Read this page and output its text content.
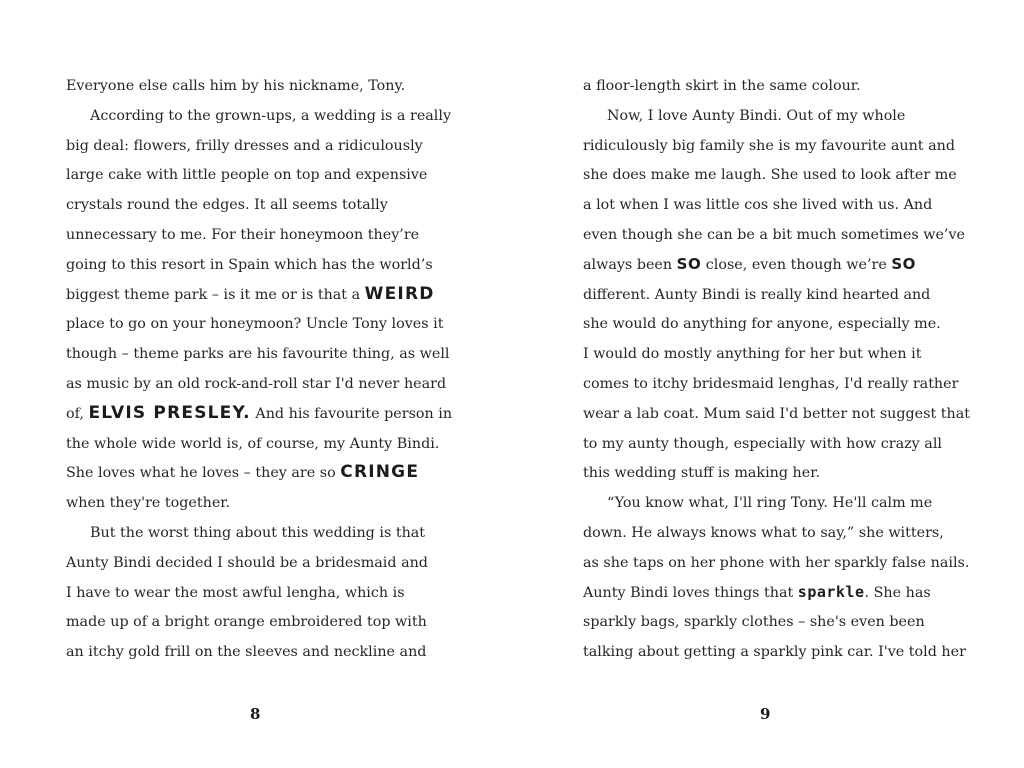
Everyone else calls him by his nickname, Tony.
According to the grown-ups, a wedding is a really
big deal: flowers, frilly dresses and a ridiculously
large cake with little people on top and expensive
crystals round the edges. It all seems totally
unnecessary to me. For their honeymoon they’re
going to this resort in Spain which has the world’s
biggest theme park – is it me or is that a WEIRD
place to go on your honeymoon? Uncle Tony loves it
though – theme parks are his favourite thing, as well
as music by an old rock-and-roll star I'd never heard
of, ELVIS PRESLEY. And his favourite person in
the whole wide world is, of course, my Aunty Bindi.
She loves what he loves – they are so CRINGE
when they're together.
But the worst thing about this wedding is that
Aunty Bindi decided I should be a bridesmaid and
I have to wear the most awful lengha, which is
made up of a bright orange embroidered top with
an itchy gold frill on the sleeves and neckline and
a floor-length skirt in the same colour.
Now, I love Aunty Bindi. Out of my whole
ridiculously big family she is my favourite aunt and
she does make me laugh. She used to look after me
a lot when I was little cos she lived with us. And
even though she can be a bit much sometimes we’ve
always been SO close, even though we’re SO
different. Aunty Bindi is really kind hearted and
she would do anything for anyone, especially me.
I would do mostly anything for her but when it
comes to itchy bridesmaid lenghas, I'd really rather
wear a lab coat. Mum said I'd better not suggest that
to my aunty though, especially with how crazy all
this wedding stuff is making her.
“You know what, I'll ring Tony. He'll calm me
down. He always knows what to say,” she witters,
as she taps on her phone with her sparkly false nails.
Aunty Bindi loves things that sparkle. She has
sparkly bags, sparkly clothes – she's even been
talking about getting a sparkly pink car. I've told her
8	9
